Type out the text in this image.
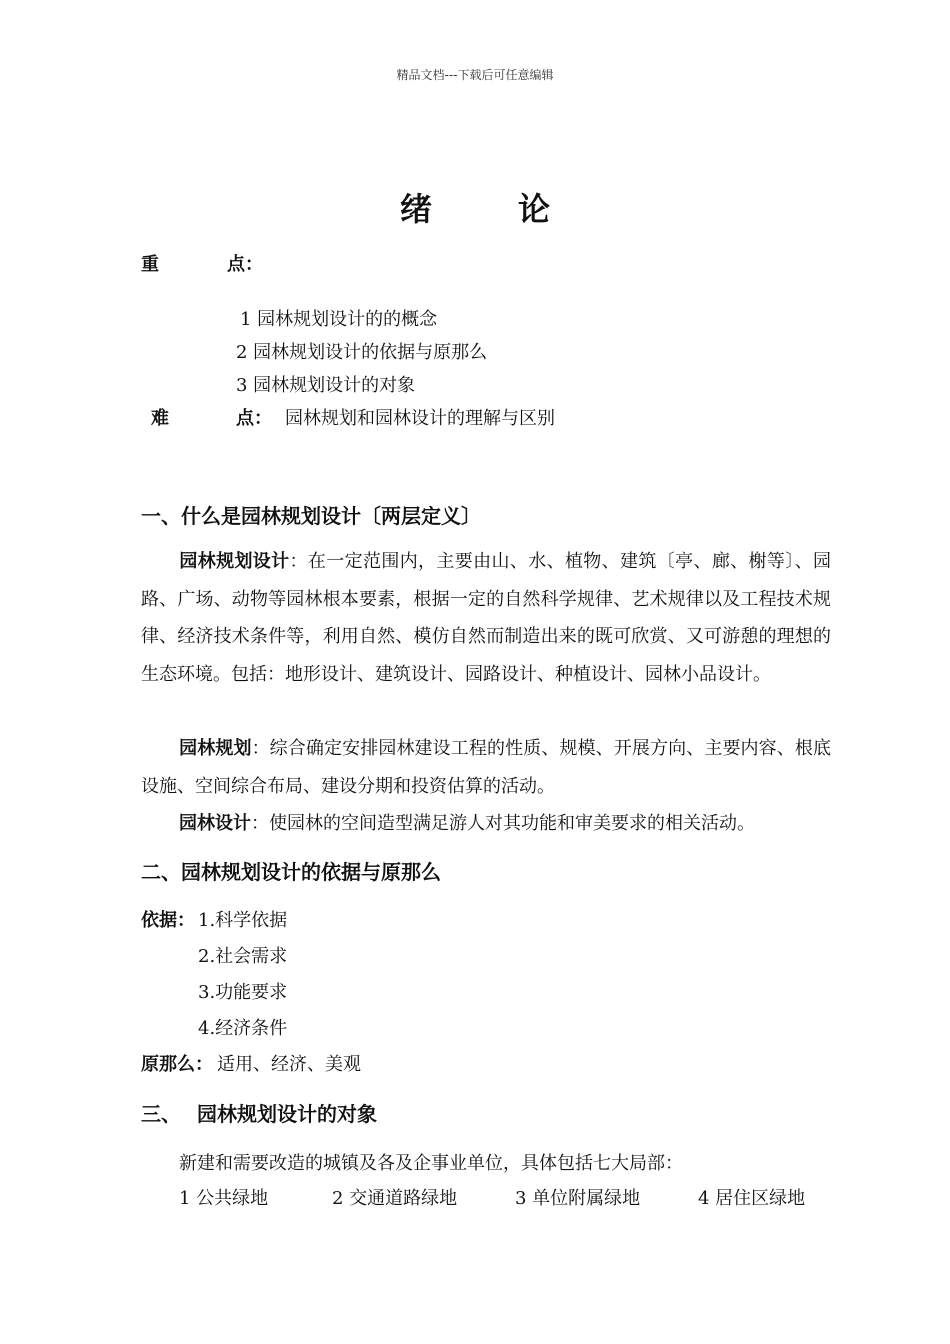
精品文档---下载后可任意编辑
绪	论
重	点：
1 园林规划设计的的概念
2 园林规划设计的依据与原那么
3 园林规划设计的对象
难	点： 园林规划和园林设计的理解与区别
一、什么是园林规划设计〔两层定义〕
园林规划设计：在一定范围内，主要由山、水、植物、建筑〔亭、廊、榭等〕、园路、广场、动物等园林根本要素，根据一定的自然科学规律、艺术规律以及工程技术规律、经济技术条件等，利用自然、模仿自然而制造出来的既可欣赏、又可游憩的理想的生态环境。包括：地形设计、建筑设计、园路设计、种植设计、园林小品设计。
园林规划：综合确定安排园林建设工程的性质、规模、开展方向、主要内容、根底设施、空间综合布局、建设分期和投资估算的活动。
园林设计：使园林的空间造型满足游人对其功能和审美要求的相关活动。
二、园林规划设计的依据与原那么
依据： 1.科学依据
2.社会需求
3.功能要求
4.经济条件
原那么： 适用、经济、美观
三、 园林规划设计的对象
新建和需要改造的城镇及各及企事业单位，具体包括七大局部：
1 公共绿地	2 交通道路绿地	3 单位附属绿地	4 居住区绿地
